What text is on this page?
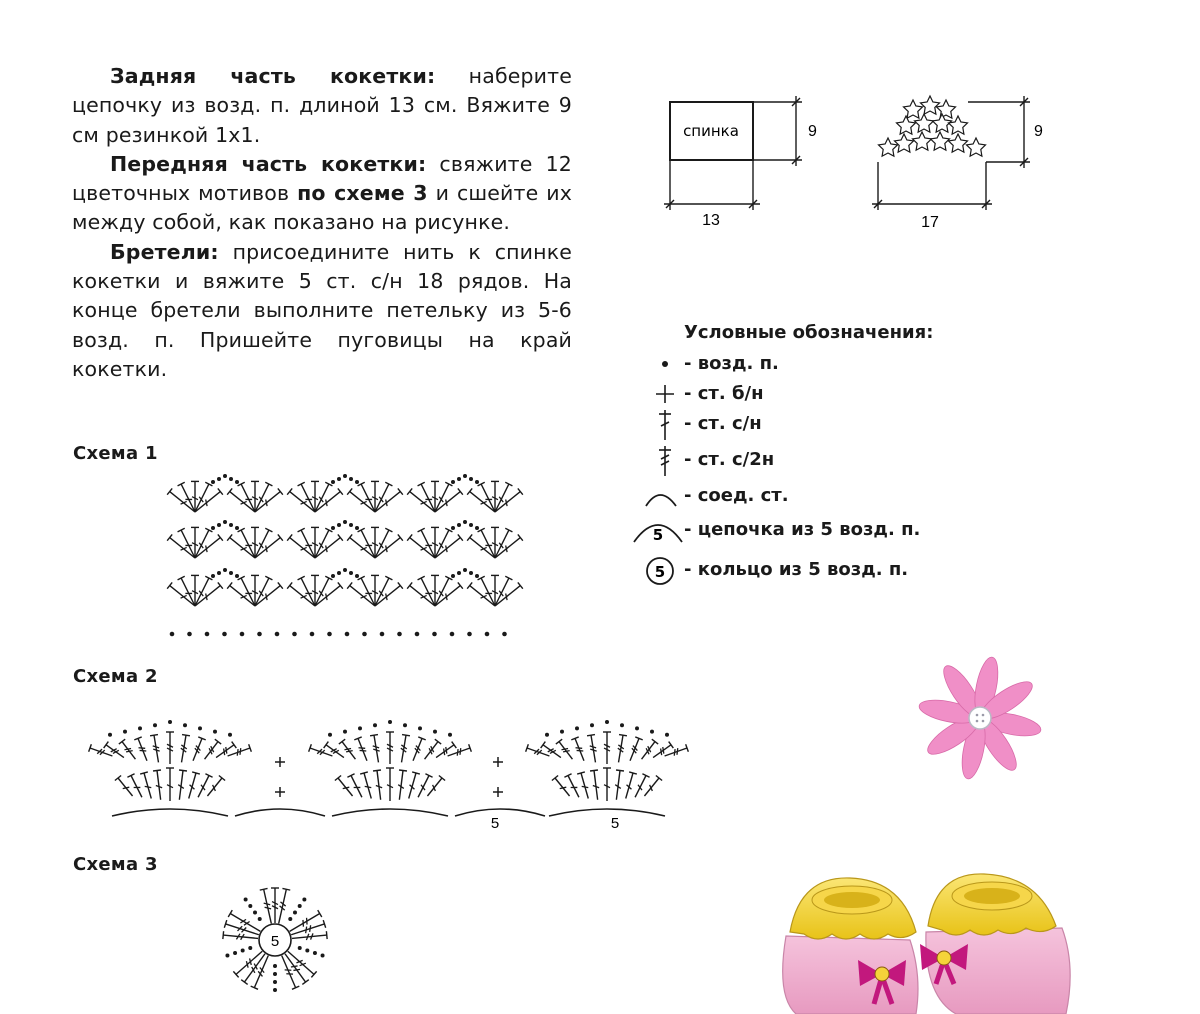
Задняя часть кокетки: наберите цепочку из возд. п. длиной 13 см. Вяжите 9 см резинкой 1x1.

Передняя часть кокетки: свяжите 12 цветочных мотивов по схеме 3 и сшейте их между собой, как показано на рисунке.

Бретели: присоедините нить к спинке кокетки и вяжите 5 ст. с/н 18 рядов. На конце бретели выполните петельку из 5-6 возд. п. Пришейте пуговицы на край кокетки.

Схема 1
Схема 2
Схема 3
спинка
13
9
17
9
5	5
5
Условные обозначения:
- возд. п.
- ст. б/н
- ст. с/н
- ст. с/2н
- соед. ст.
5 - цепочка из 5 возд. п.
5 - кольцо из 5 возд. п.
